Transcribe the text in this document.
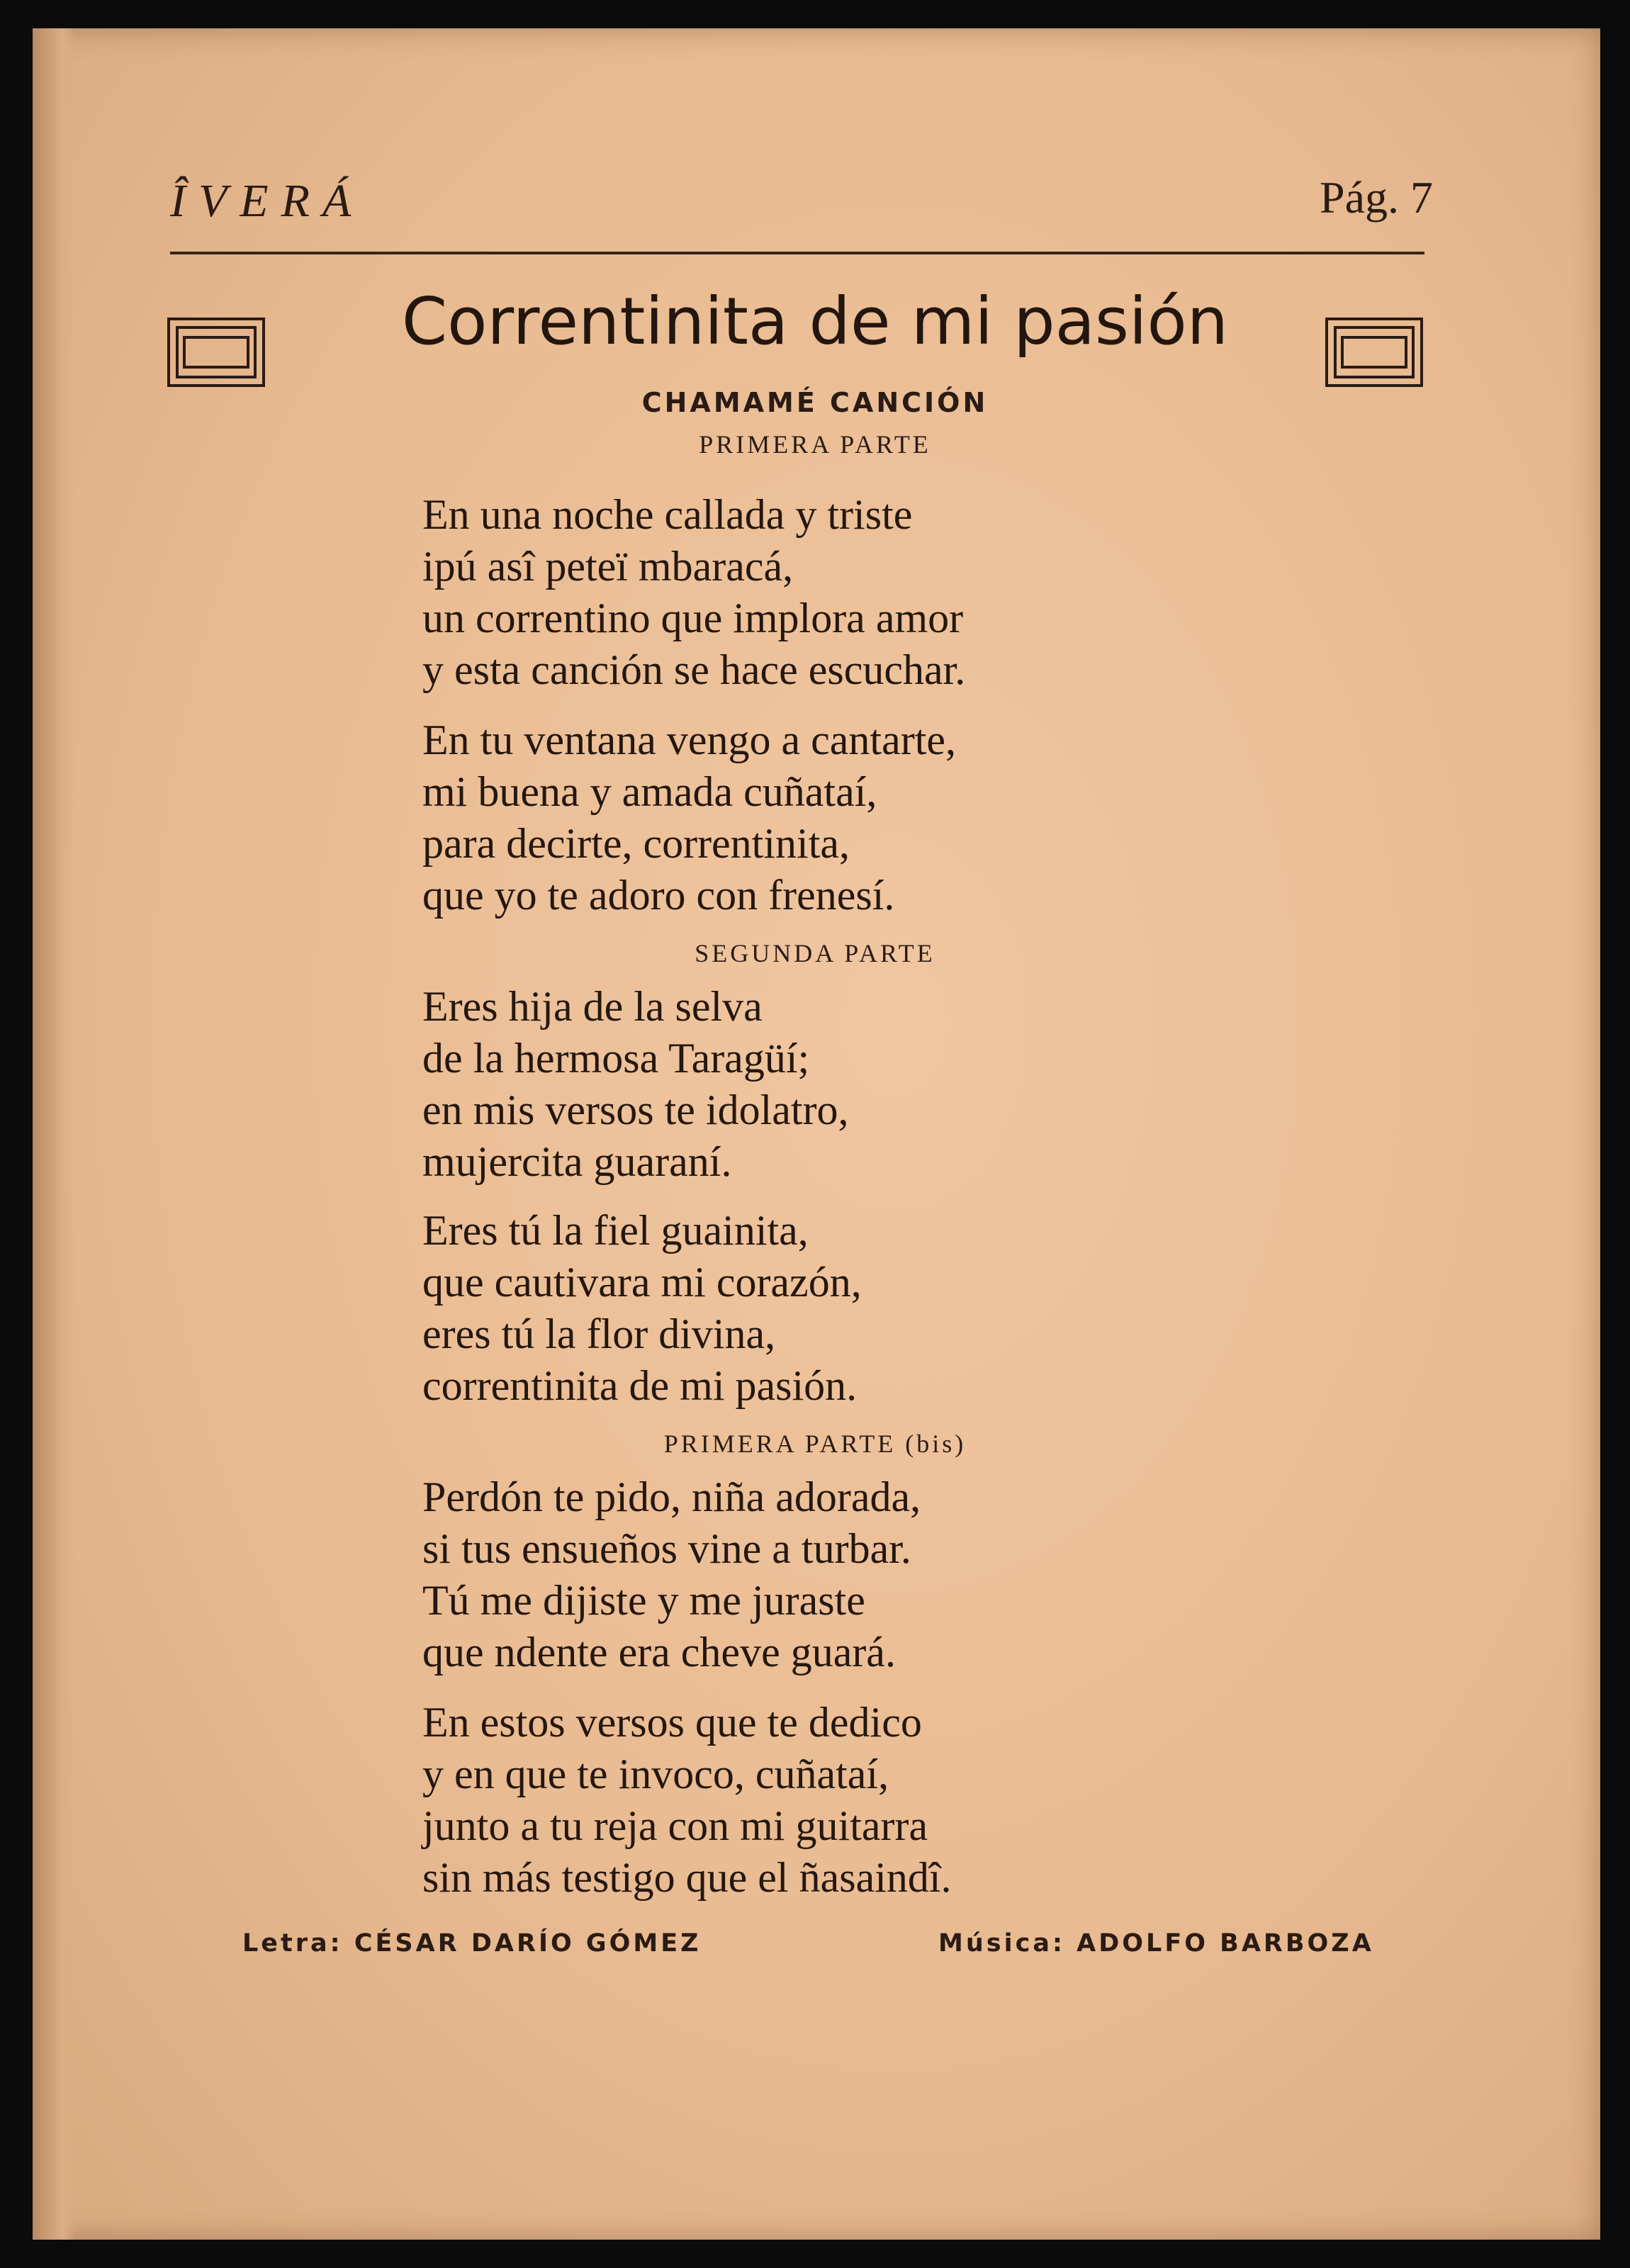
ÎVERÁ	Pág. 7
Correntinita de mi pasión
CHAMAMÉ CANCIÓN
PRIMERA PARTE
En una noche callada y triste
ipú asî peteï mbaracá,
un correntino que implora amor
y esta canción se hace escuchar.
En tu ventana vengo a cantarte,
mi buena y amada cuñataí,
para decirte, correntinita,
que yo te adoro con frenesí.
SEGUNDA PARTE
Eres hija de la selva
de la hermosa Taragüí;
en mis versos te idolatro,
mujercita guaraní.
Eres tú la fiel guainita,
que cautivara mi corazón,
eres tú la flor divina,
correntinita de mi pasión.
PRIMERA PARTE (bis)
Perdón te pido, niña adorada,
si tus ensueños vine a turbar.
Tú me dijiste y me juraste
que ndente era cheve guará.
En estos versos que te dedico
y en que te invoco, cuñataí,
junto a tu reja con mi guitarra
sin más testigo que el ñasaindî.
Letra: CÉSAR DARÍO GÓMEZ	Música: ADOLFO BARBOZA
